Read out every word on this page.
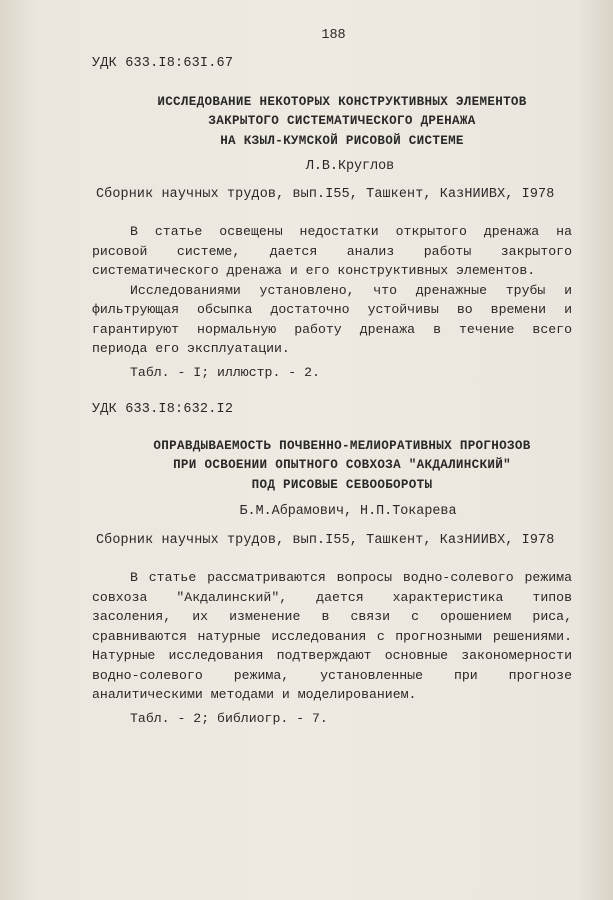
188
УДК 633.I8:63I.67
ИССЛЕДОВАНИЕ НЕКОТОРЫХ КОНСТРУКТИВНЫХ ЭЛЕМЕНТОВ
ЗАКРЫТОГО СИСТЕМАТИЧЕСКОГО ДРЕНАЖА
НА КЗЫЛ-КУМСКОЙ РИСОВОЙ СИСТЕМЕ
Л.В.Круглов
Сборник научных трудов, вып.I55, Ташкент, КазНИИВХ, I978

В статье освещены недостатки открытого дренажа на рисовой системе, дается анализ работы закрытого систематического дренажа и его конструктивных элементов.

Исследованиями установлено, что дренажные трубы и фильтрующая обсыпка достаточно устойчивы во времени и гарантируют нормальную работу дренажа в течение всего периода его эксплуатации.

Табл. - I; иллюстр. - 2.
УДК 633.I8:632.I2
ОПРАВДЫВАЕМОСТЬ ПОЧВЕННО-МЕЛИОРАТИВНЫХ ПРОГНОЗОВ
ПРИ ОСВОЕНИИ ОПЫТНОГО СОВХОЗА "АКДАЛИНСКИЙ"
ПОД РИСОВЫЕ СЕВООБОРОТЫ
Б.М.Абрамович, Н.П.Токарева
Сборник научных трудов, вып.I55, Ташкент, КазНИИВХ, I978

В статье рассматриваются вопросы водно-солевого режима совхоза "Акдалинский", дается характеристика типов засоления, их изменение в связи с орошением риса, сравниваются натурные исследования с прогнозными решениями. Натурные исследования подтверждают основные закономерности водно-солевого режима, установленные при прогнозе аналитическими методами и моделированием.

Табл. - 2; библиогр. - 7.
